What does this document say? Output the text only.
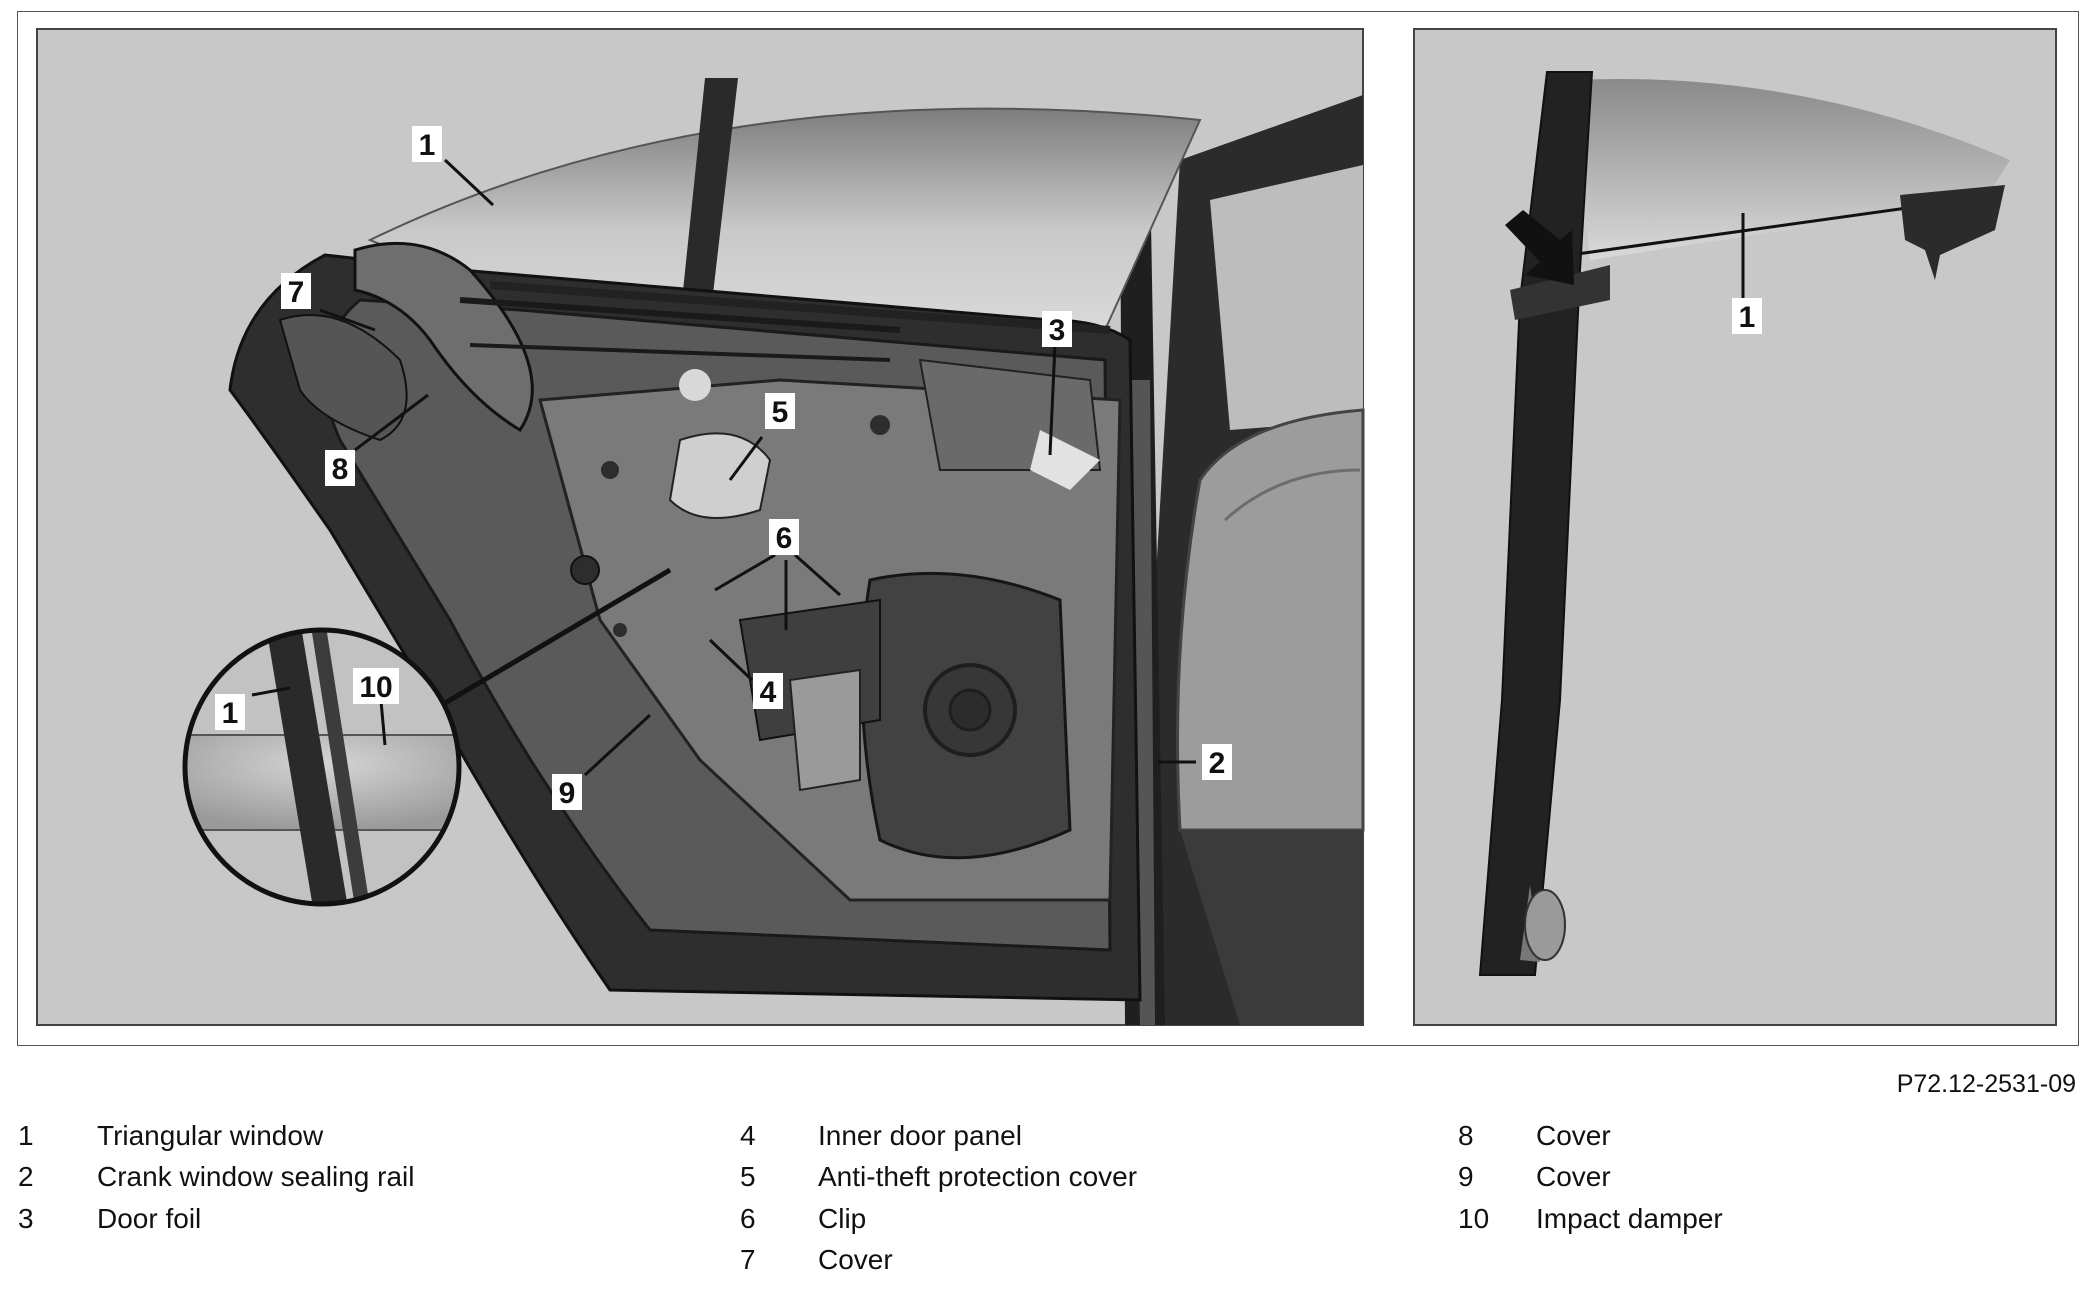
1
7
8
5
3
6
4
9
2
1
10
1
P72.12-2531-09
1	Triangular window
2	Crank window sealing rail
3	Door foil
4	Inner door panel
5	Anti-theft protection cover
6	Clip
7	Cover
8	Cover
9	Cover
10	Impact damper
